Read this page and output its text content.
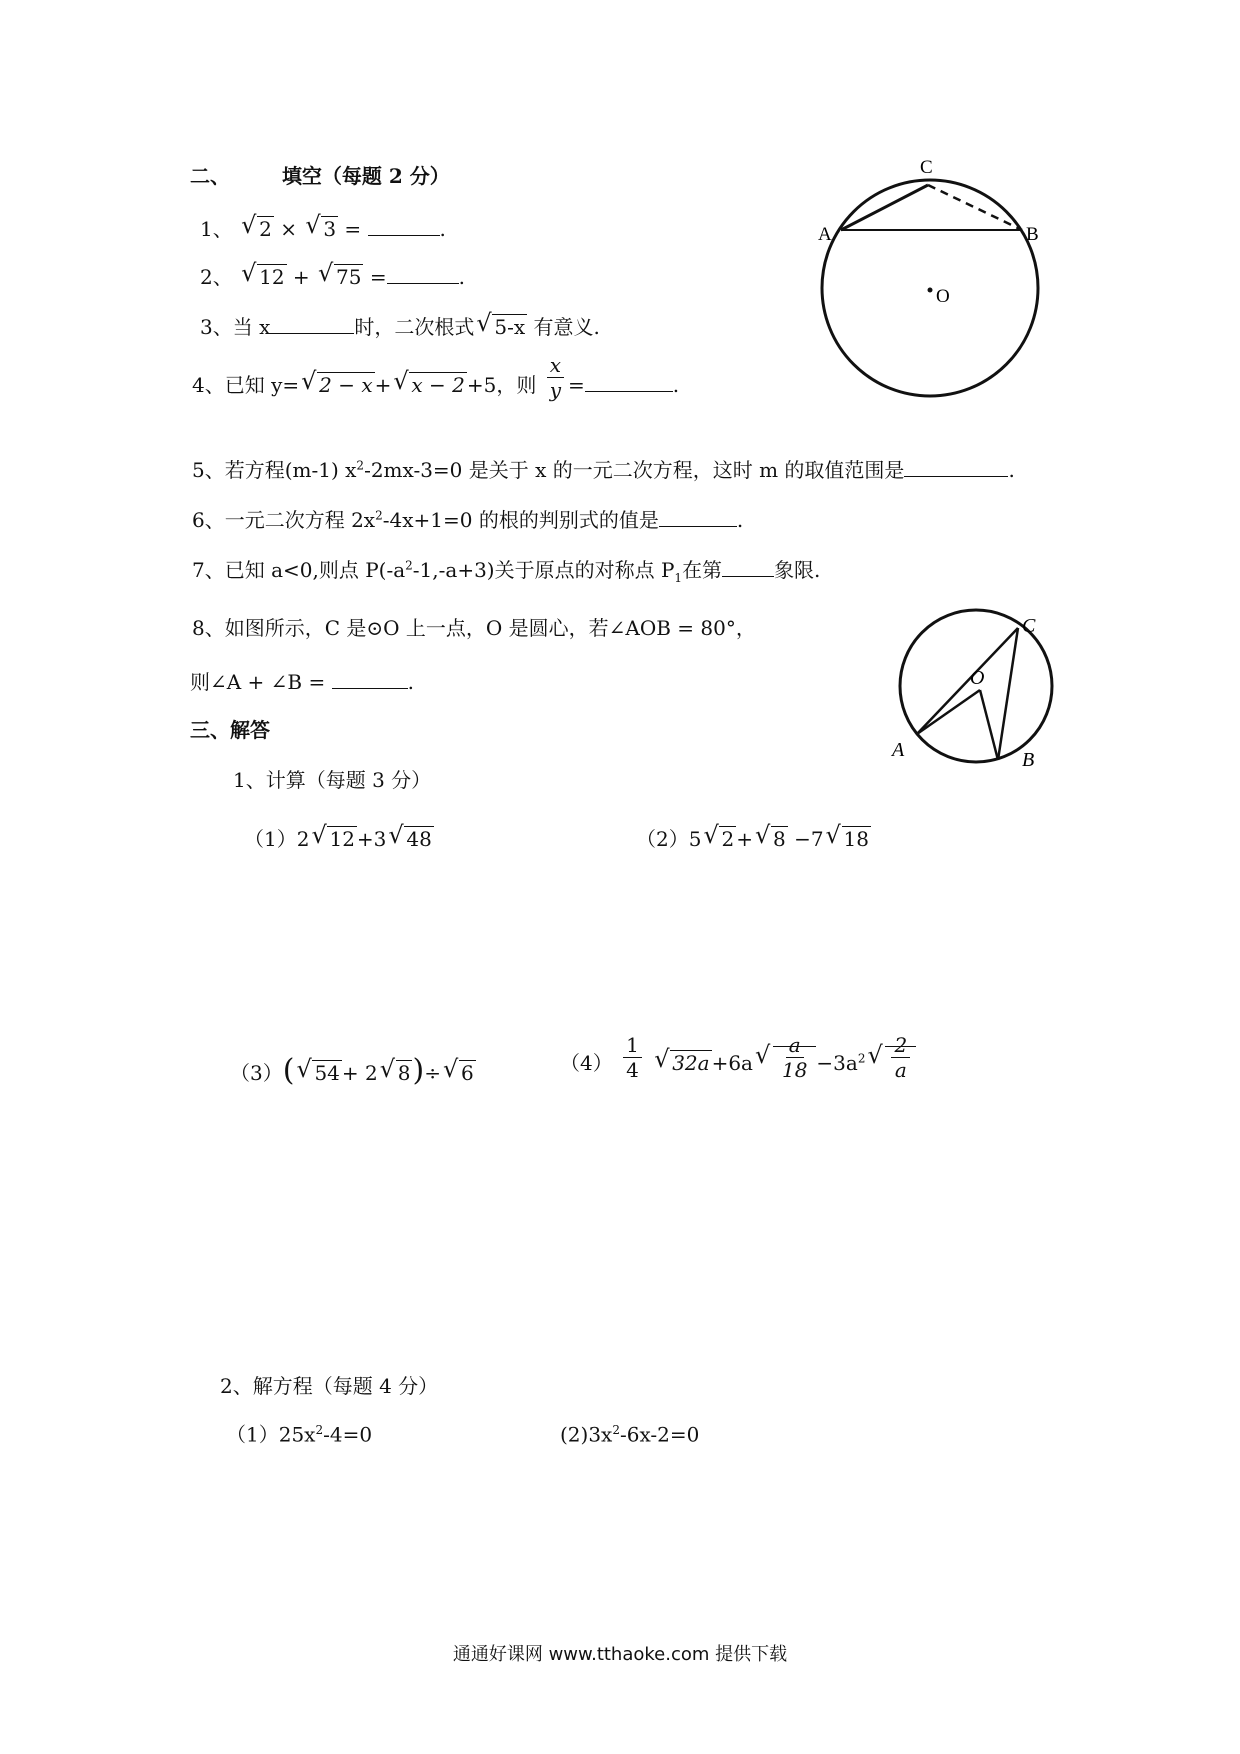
二、	填空（每题 2 分）
1、 √ 2 × √ 3 =	.
2、 √ 12 + √ 75 =	.
3、当 x	时，二次根式 √ 5-x 有意义.
4、已知 y= √ 2 − x + √ x − 2 +5，则 $\frac{x}{y}$ =	.
5、若方程(m-1) $x^2-2mx-3=0$ 是关于 x 的一元二次方程，这时 m 的取值范围是	.
6、一元二次方程 $2x^2-4x+1=0$ 的根的判别式的值是	.
7、已知 a<0,则点 $P(-a^2-1,-a+3)$关于原点的对称点 $P_1$在第	象限.
8、如图所示，C 是⊙O 上一点，O 是圆心，若∠AOB = 80°，
则∠A + ∠B =	.
A	B
C
O
A	B
C
O
三、解答
1、计算（每题 3 分）
（1）2 √ 12 +3 √ 48	（2）5 √ 2 + √ 8 −7 √ 18
（3）( √ 54 + 2 √ 8)÷ √ 6	$(4) \frac{1}{4}$ √ 32a +6a √ $\frac{a}{18} -3a^2$ √ $\frac{2}{a}$
2、解方程（每题 4 分）
$(1)25x^2-4=0$	$(2)3x^2-6x-2=0$
通通好课网 www.tthaoke.com 提供下载
